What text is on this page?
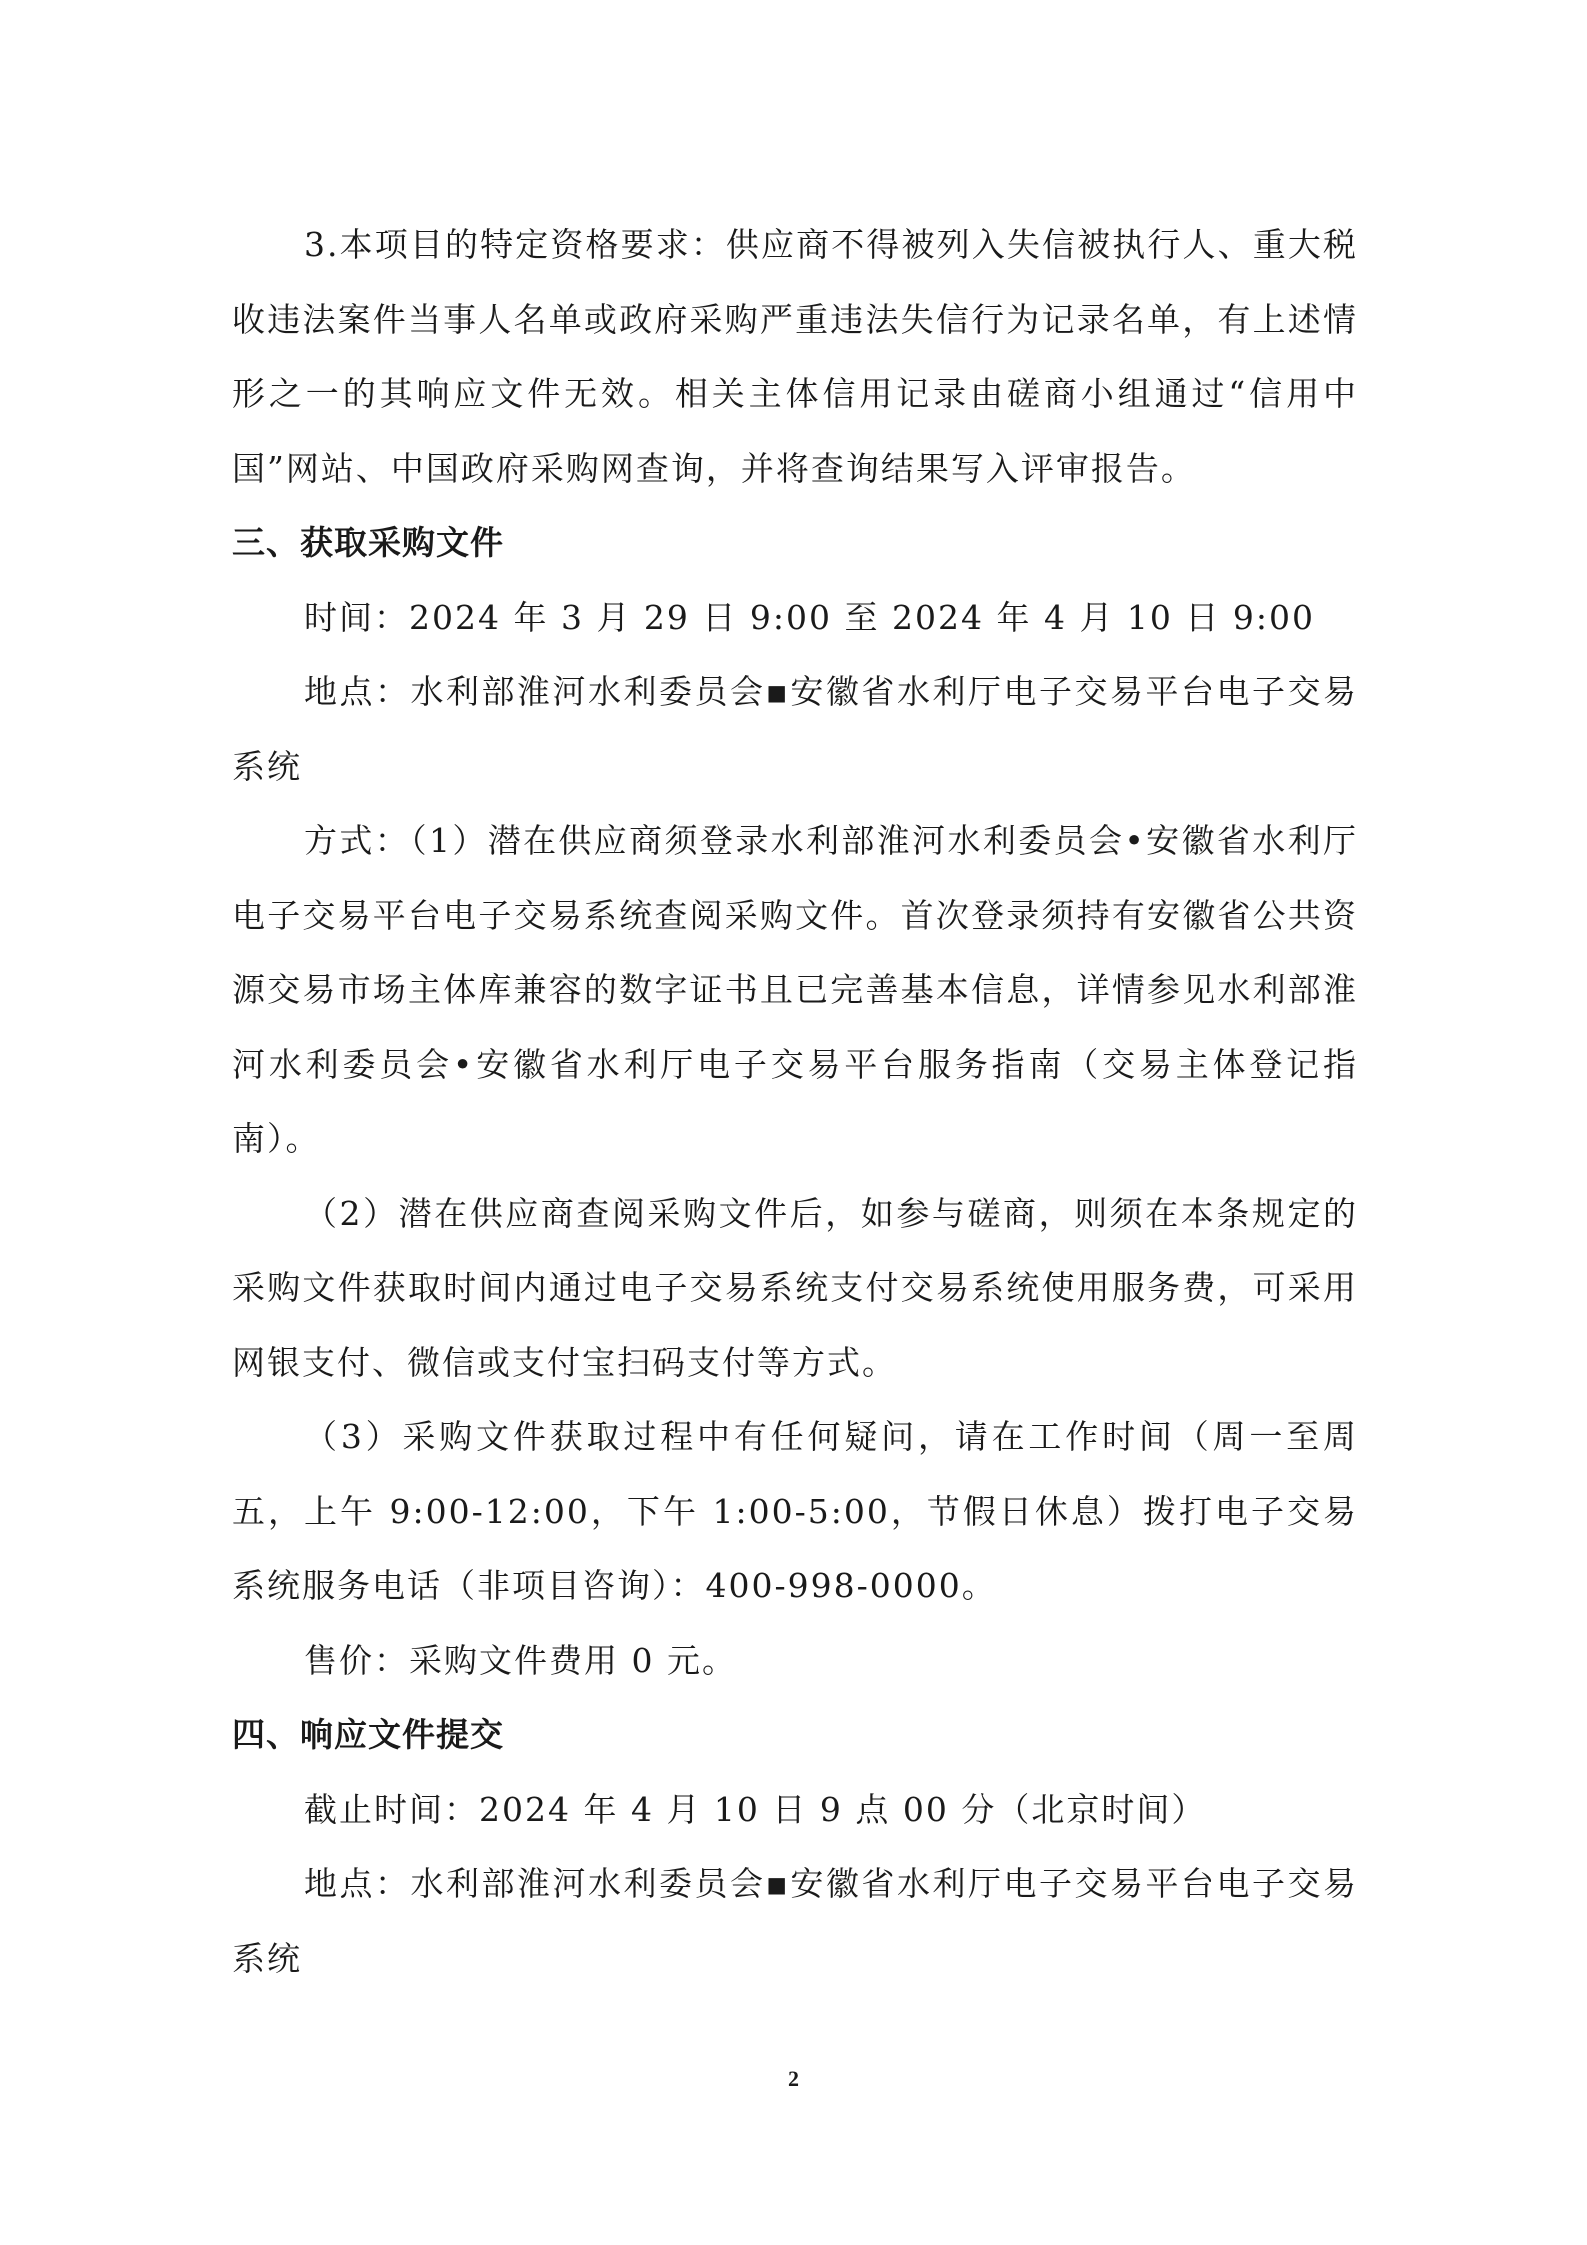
3.本项目的特定资格要求：供应商不得被列入失信被执行人、重大税收违法案件当事人名单或政府采购严重违法失信行为记录名单，有上述情形之一的其响应文件无效。相关主体信用记录由磋商小组通过“信用中国”网站、中国政府采购网查询，并将查询结果写入评审报告。

三、获取采购文件

时间：2024 年 3 月 29 日 9:00 至 2024 年 4 月 10 日 9:00

地点：水利部淮河水利委员会▪安徽省水利厅电子交易平台电子交易系统

方式：（1）潜在供应商须登录水利部淮河水利委员会•安徽省水利厅电子交易平台电子交易系统查阅采购文件。首次登录须持有安徽省公共资源交易市场主体库兼容的数字证书且已完善基本信息，详情参见水利部淮河水利委员会•安徽省水利厅电子交易平台服务指南（交易主体登记指南）。

（2）潜在供应商查阅采购文件后，如参与磋商，则须在本条规定的采购文件获取时间内通过电子交易系统支付交易系统使用服务费，可采用网银支付、微信或支付宝扫码支付等方式。

（3）采购文件获取过程中有任何疑问，请在工作时间（周一至周五，上午 9:00-12:00，下午 1:00-5:00，节假日休息）拨打电子交易系统服务电话（非项目咨询）：400-998-0000。

售价：采购文件费用 0 元。

四、响应文件提交

截止时间：2024 年 4 月 10 日 9 点 00 分（北京时间）

地点：水利部淮河水利委员会▪安徽省水利厅电子交易平台电子交易系统

2
